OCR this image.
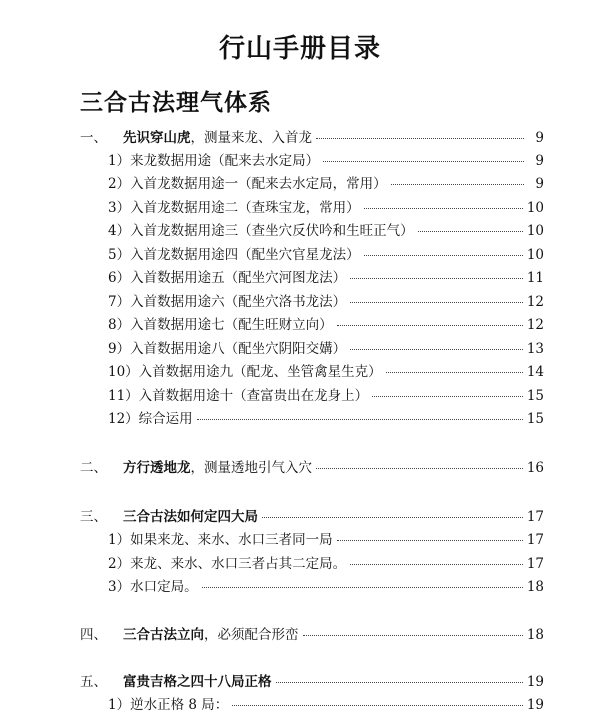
行山手册目录
三合古法理气体系
一、 先识穿山虎，测量来龙、入首龙	9
1）来龙数据用途（配来去水定局）	9
2）入首龙数据用途一（配来去水定局，常用）	9
3）入首龙数据用途二（查珠宝龙，常用）	10
4）入首龙数据用途三（查坐穴反伏吟和生旺正气）	10
5）入首龙数据用途四（配坐穴官星龙法）	10
6）入首数据用途五（配坐穴河图龙法）	11
7）入首数据用途六（配坐穴洛书龙法）	12
8）入首数据用途七（配生旺财立向）	12
9）入首数据用途八（配坐穴阴阳交媾）	13
10）入首数据用途九（配龙、坐管禽星生克）	14
11）入首数据用途十（查富贵出在龙身上）	15
12）综合运用	15
二、 方行透地龙，测量透地引气入穴	16
三、 三合古法如何定四大局	17
1）如果来龙、来水、水口三者同一局	17
2）来龙、来水、水口三者占其二定局。	17
3）水口定局。	18
四、 三合古法立向，必须配合形峦	18
五、 富贵吉格之四十八局正格	19
1）逆水正格 8 局：	19
